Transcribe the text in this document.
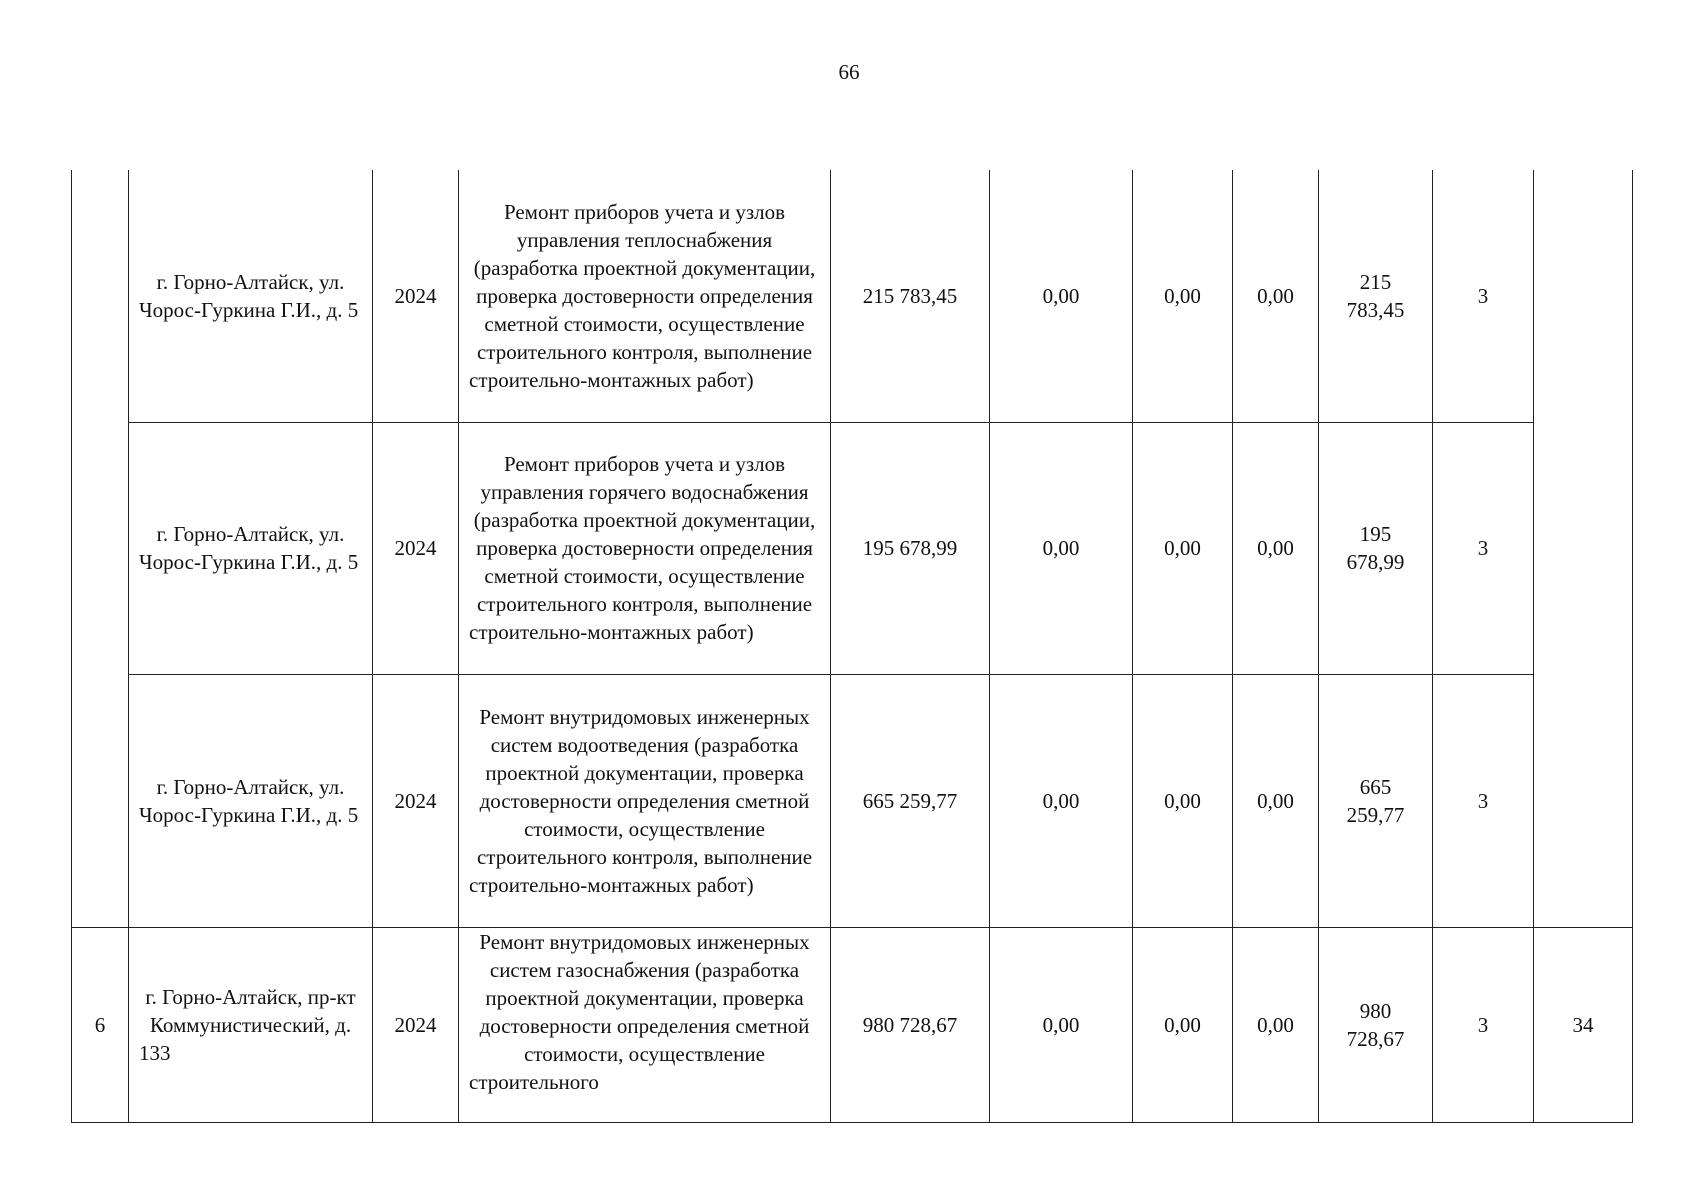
66
	г. Горно-Алтайск, ул. Чорос-Гуркина Г.И., д. 5	2024	Ремонт приборов учета и узлов управления теплоснабжения (разработка проектной документации, проверка достоверности определения сметной стоимости, осуществление строительного контроля, выполнение строительно-монтажных работ)	215 783,45	0,00	0,00	0,00	215 783,45	3	
	г. Горно-Алтайск, ул. Чорос-Гуркина Г.И., д. 5	2024	Ремонт приборов учета и узлов управления горячего водоснабжения (разработка проектной документации, проверка достоверности определения сметной стоимости, осуществление строительного контроля, выполнение строительно-монтажных работ)	195 678,99	0,00	0,00	0,00	195 678,99	3	
	г. Горно-Алтайск, ул. Чорос-Гуркина Г.И., д. 5	2024	Ремонт внутридомовых инженерных систем водоотведения (разработка проектной документации, проверка достоверности определения сметной стоимости, осуществление строительного контроля, выполнение строительно-монтажных работ)	665 259,77	0,00	0,00	0,00	665 259,77	3	
6	г. Горно-Алтайск, пр-кт Коммунистический, д. 133	2024	Ремонт внутридомовых инженерных систем газоснабжения (разработка проектной документации, проверка достоверности определения сметной стоимости, осуществление строительного	980 728,67	0,00	0,00	0,00	980 728,67	3	34
